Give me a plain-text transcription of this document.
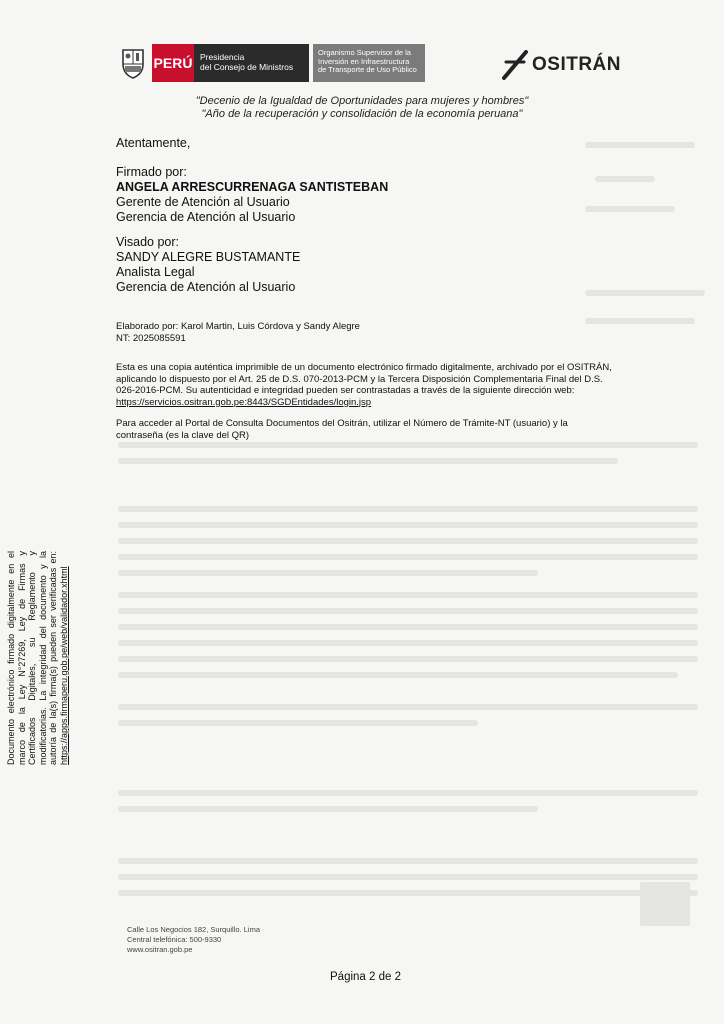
PERÚ Presidencia
del Consejo de Ministros
Organismo Supervisor de la
Inversión en Infraestructura
de Transporte de Uso Público	OSITRÁN
"Decenio de la Igualdad de Oportunidades para mujeres y hombres"
"Año de la recuperación y consolidación de la economía peruana"
Atentamente,
Firmado por:
ANGELA ARRESCURRENAGA SANTISTEBAN
Gerente de Atención al Usuario
Gerencia de Atención al Usuario
Visado por:
SANDY ALEGRE BUSTAMANTE
Analista Legal
Gerencia de Atención al Usuario
Elaborado por: Karol Martin, Luis Córdova y Sandy Alegre
NT: 2025085591
Esta es una copia auténtica imprimible de un documento electrónico firmado digitalmente, archivado por el OSITRÁN,
aplicando lo dispuesto por el Art. 25 de D.S. 070-2013-PCM y la Tercera Disposición Complementaria Final del D.S.
026-2016-PCM. Su autenticidad e integridad pueden ser contrastadas a través de la siguiente dirección web:
https://servicios.ositran.gob.pe:8443/SGDEntidades/login.jsp
Para acceder al Portal de Consulta Documentos del Ositrán, utilizar el Número de Trámite-NT (usuario) y la
contraseña (es la clave del QR)
Documento electrónico firmado digitalmente en el marco de la Ley N°27269, Ley de Firmas y Certificados Digitales, su Reglamento y modificatorias. La integridad del documento y la autoría de la(s) firma(s) pueden ser verificadas en: https://apps.firmaperu.gob.pe/web/validador.xhtml
Calle Los Negocios 182, Surquillo. Lima
Central telefónica: 500-9330
www.ositran.gob.pe
Página 2 de 2
